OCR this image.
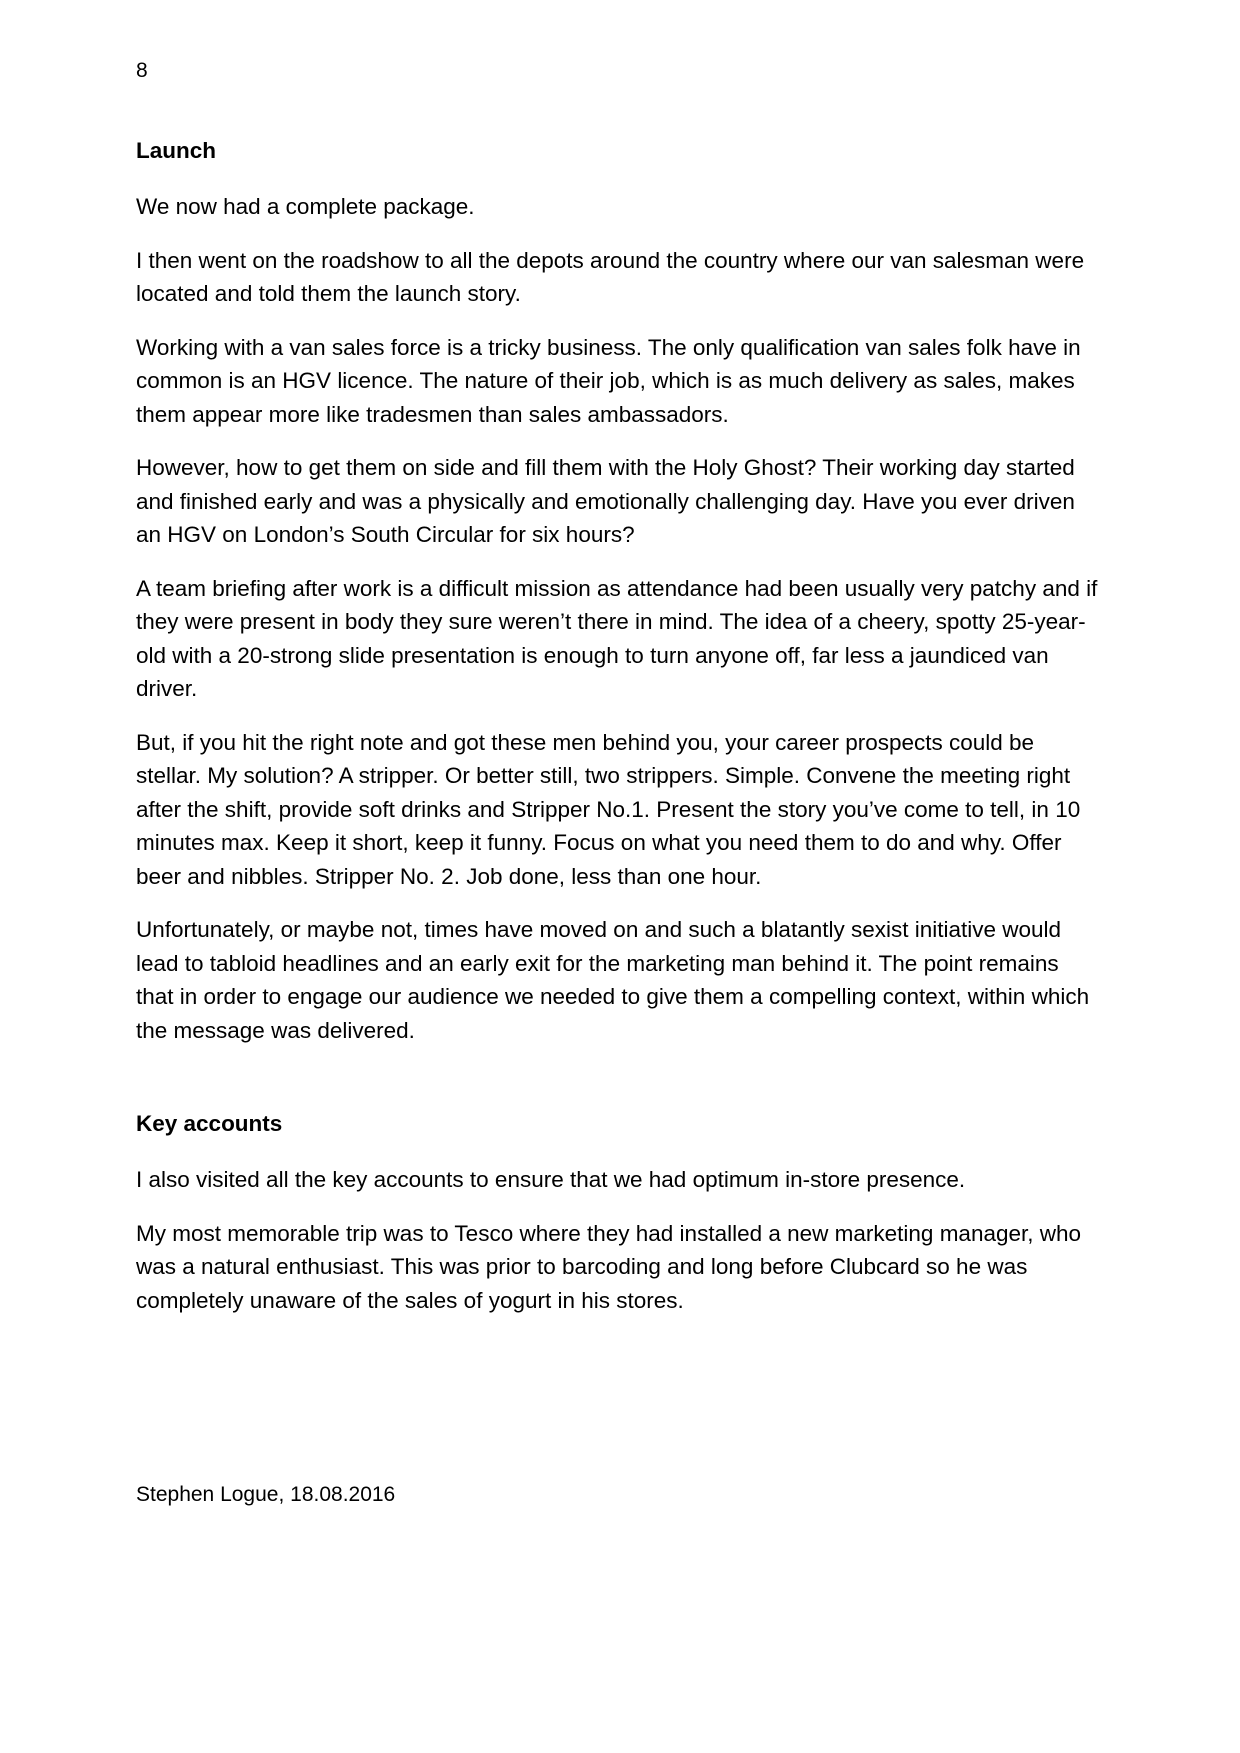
8
Launch

We now had a complete package.

I then went on the roadshow to all the depots around the country where our van salesman were located and told them the launch story.

Working with a van sales force is a tricky business. The only qualification van sales folk have in common is an HGV licence. The nature of their job, which is as much delivery as sales, makes them appear more like tradesmen than sales ambassadors.

However, how to get them on side and fill them with the Holy Ghost? Their working day started and finished early and was a physically and emotionally challenging day. Have you ever driven an HGV on London’s South Circular for six hours?

A team briefing after work is a difficult mission as attendance had been usually very patchy and if they were present in body they sure weren’t there in mind. The idea of a cheery, spotty 25-year-old with a 20-strong slide presentation is enough to turn anyone off, far less a jaundiced van driver.

But, if you hit the right note and got these men behind you, your career prospects could be stellar. My solution? A stripper. Or better still, two strippers. Simple. Convene the meeting right after the shift, provide soft drinks and Stripper No.1. Present the story you’ve come to tell, in 10 minutes max. Keep it short, keep it funny. Focus on what you need them to do and why. Offer beer and nibbles. Stripper No. 2. Job done, less than one hour.

Unfortunately, or maybe not, times have moved on and such a blatantly sexist initiative would lead to tabloid headlines and an early exit for the marketing man behind it. The point remains that in order to engage our audience we needed to give them a compelling context, within which the message was delivered.

Key accounts

I also visited all the key accounts to ensure that we had optimum in-store presence.

My most memorable trip was to Tesco where they had installed a new marketing manager, who was a natural enthusiast. This was prior to barcoding and long before Clubcard so he was completely unaware of the sales of yogurt in his stores.

Stephen Logue, 18.08.2016
